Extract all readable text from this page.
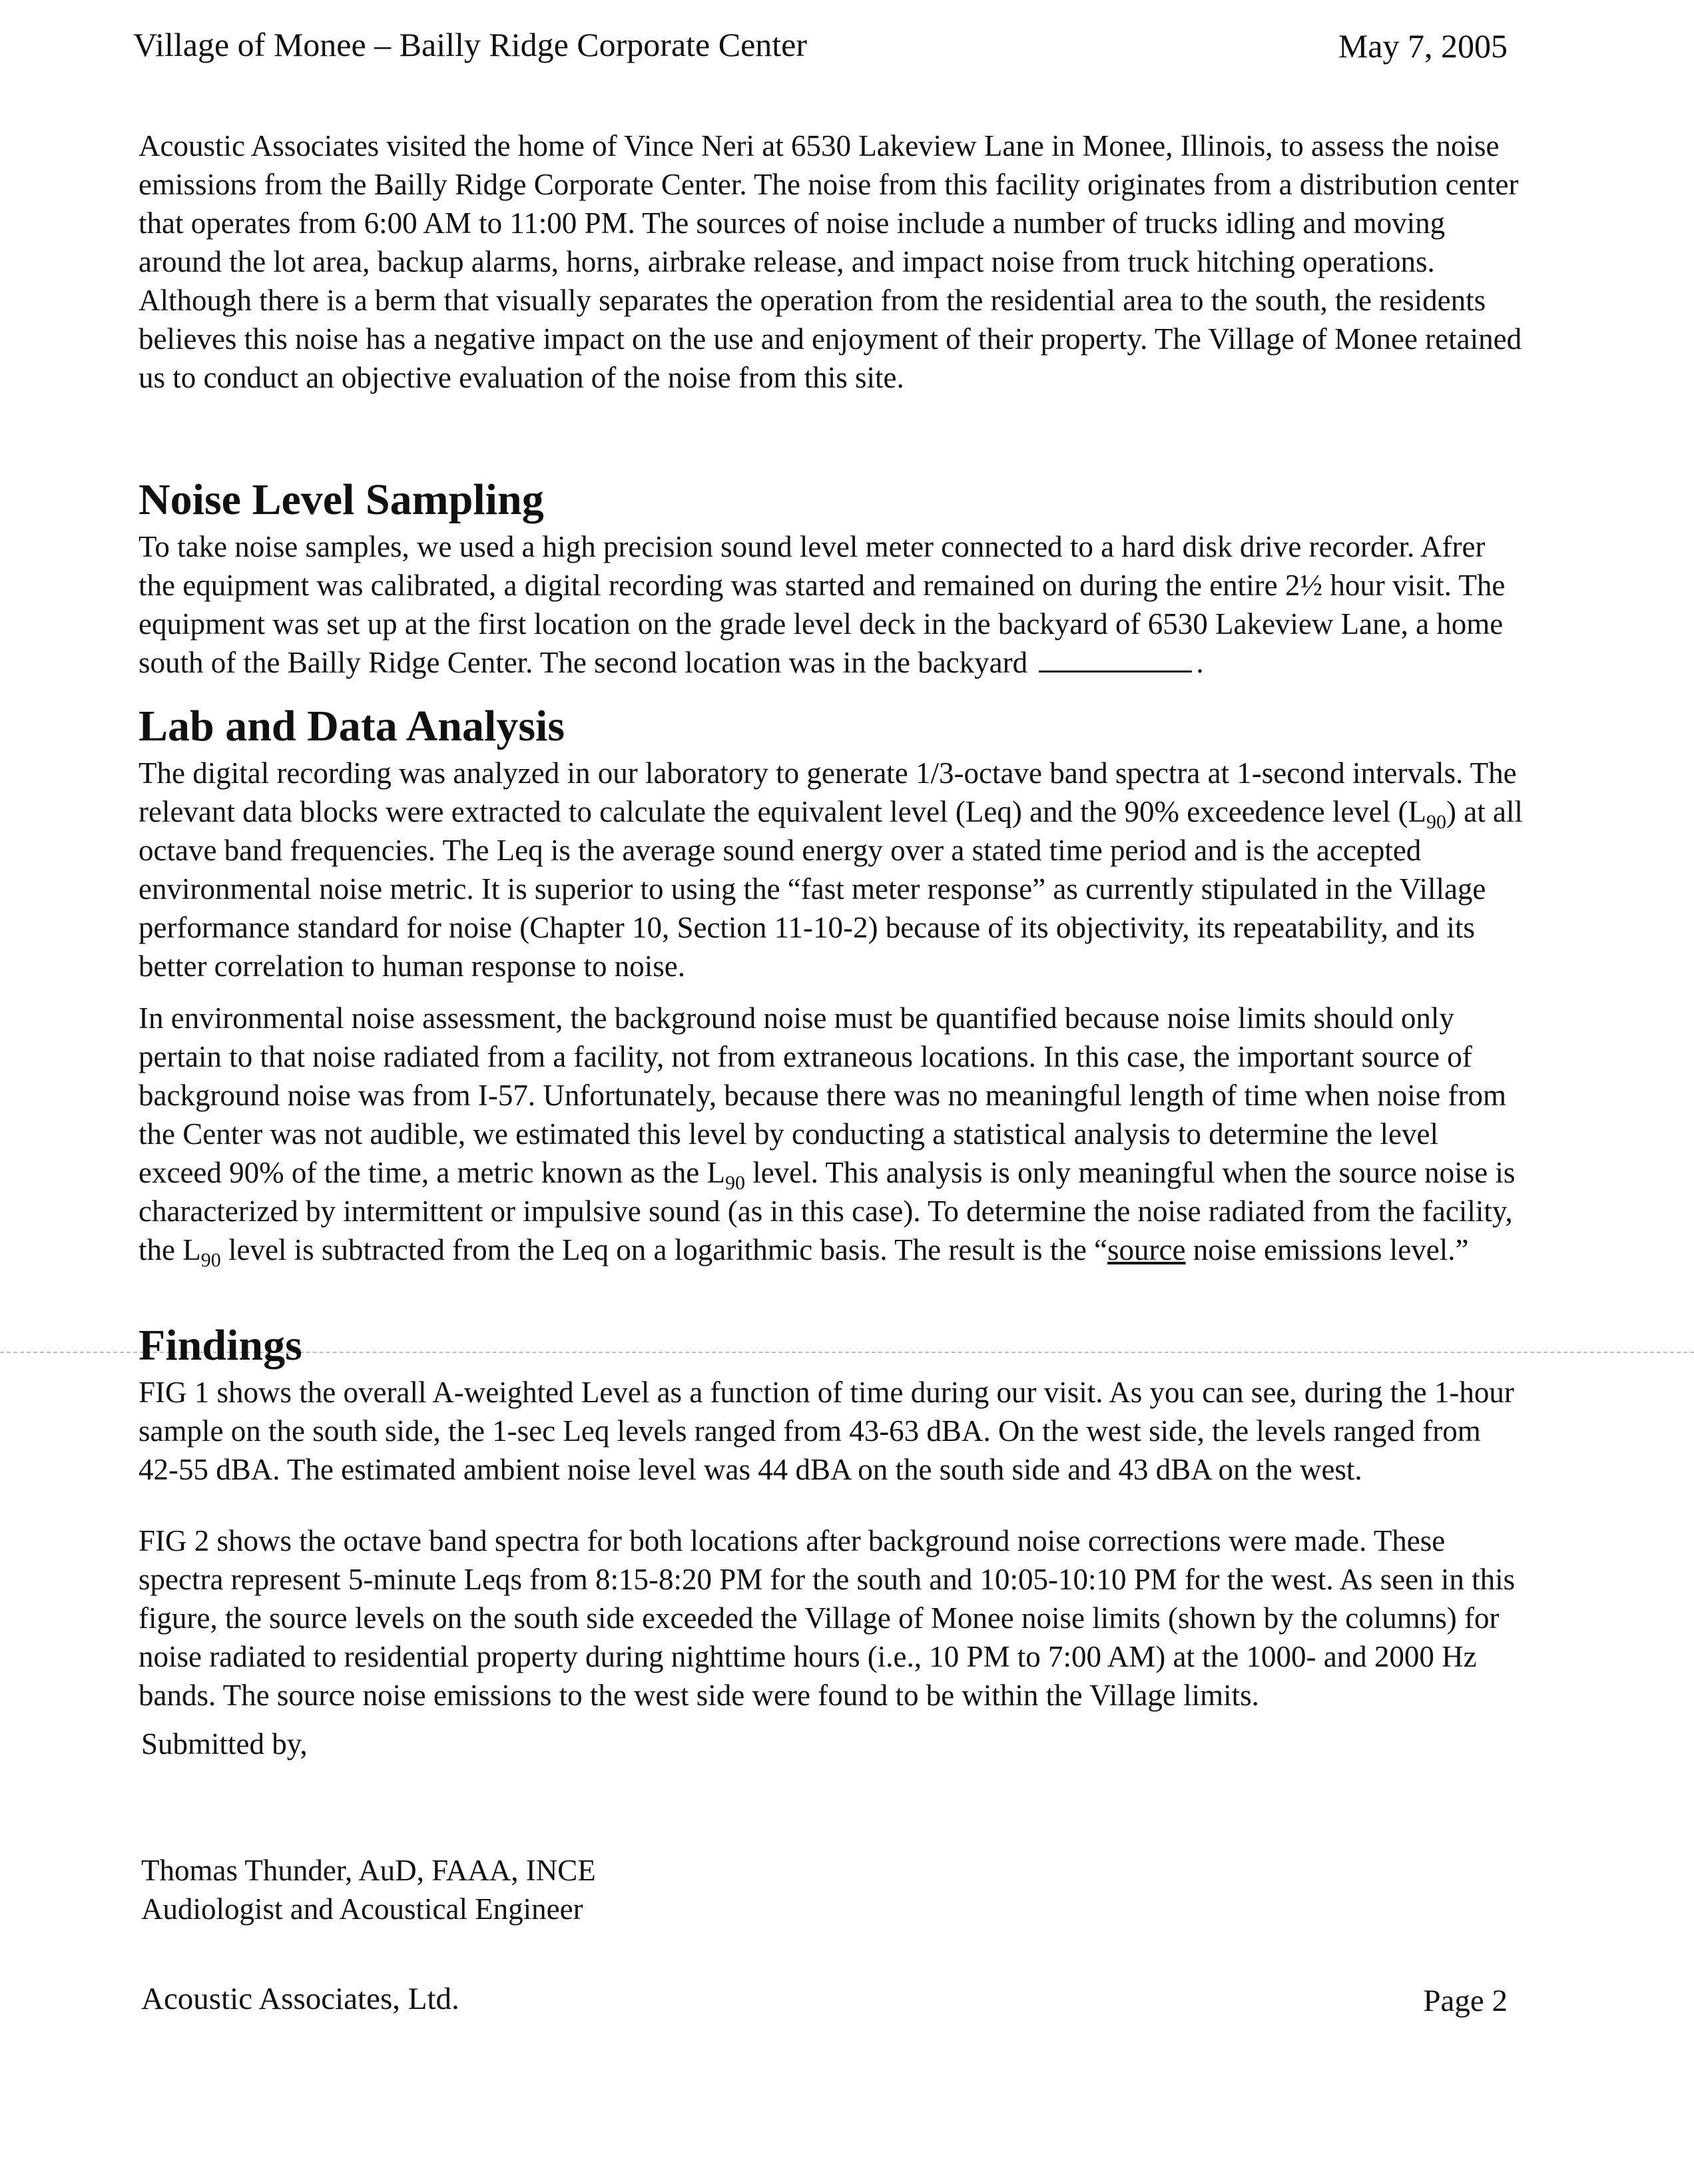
Village of Monee – Bailly Ridge Corporate Center	May 7, 2005

Acoustic Associates visited the home of Vince Neri at 6530 Lakeview Lane in Monee, Illinois, to assess the noise emissions from the Bailly Ridge Corporate Center. The noise from this facility originates from a distribution center that operates from 6:00 AM to 11:00 PM. The sources of noise include a number of trucks idling and moving around the lot area, backup alarms, horns, airbrake release, and impact noise from truck hitching operations. Although there is a berm that visually separates the operation from the residential area to the south, the residents believes this noise has a negative impact on the use and enjoyment of their property. The Village of Monee retained us to conduct an objective evaluation of the noise from this site.

Noise Level Sampling

To take noise samples, we used a high precision sound level meter connected to a hard disk drive recorder. Afrer the equipment was calibrated, a digital recording was started and remained on during the entire 2½ hour visit. The equipment was set up at the first location on the grade level deck in the backyard of 6530 Lakeview Lane, a home south of the Bailly Ridge Center. The second location was in the backyard	.

Lab and Data Analysis

The digital recording was analyzed in our laboratory to generate 1/3-octave band spectra at 1-second intervals. The relevant data blocks were extracted to calculate the equivalent level (Leq) and the 90% exceedence level $(L_{90})$ at all octave band frequencies. The Leq is the average sound energy over a stated time period and is the accepted environmental noise metric. It is superior to using the “fast meter response” as currently stipulated in the Village performance standard for noise (Chapter 10, Section 11-10-2) because of its objectivity, its repeatability, and its better correlation to human response to noise.

In environmental noise assessment, the background noise must be quantified because noise limits should only pertain to that noise radiated from a facility, not from extraneous locations. In this case, the important source of background noise was from I-57. Unfortunately, because there was no meaningful length of time when noise from the Center was not audible, we estimated this level by conducting a statistical analysis to determine the level exceed 90% of the time, a metric known as the $L_{90}$ level. This analysis is only meaningful when the source noise is characterized by intermittent or impulsive sound (as in this case). To determine the noise radiated from the facility, the $L_{90}$ level is subtracted from the Leq on a logarithmic basis. The result is the “source noise emissions level.”

Findings

FIG 1 shows the overall A-weighted Level as a function of time during our visit. As you can see, during the 1-hour sample on the south side, the 1-sec Leq levels ranged from 43-63 dBA. On the west side, the levels ranged from 42-55 dBA. The estimated ambient noise level was 44 dBA on the south side and 43 dBA on the west.

FIG 2 shows the octave band spectra for both locations after background noise corrections were made. These spectra represent 5-minute Leqs from 8:15-8:20 PM for the south and 10:05-10:10 PM for the west. As seen in this figure, the source levels on the south side exceeded the Village of Monee noise limits (shown by the columns) for noise radiated to residential property during nighttime hours (i.e., 10 PM to 7:00 AM) at the 1000- and 2000 Hz bands. The source noise emissions to the west side were found to be within the Village limits.

Submitted by,
Thomas Thunder, AuD, FAAA, INCE
Audiologist and Acoustical Engineer
Acoustic Associates, Ltd.	Page 2
